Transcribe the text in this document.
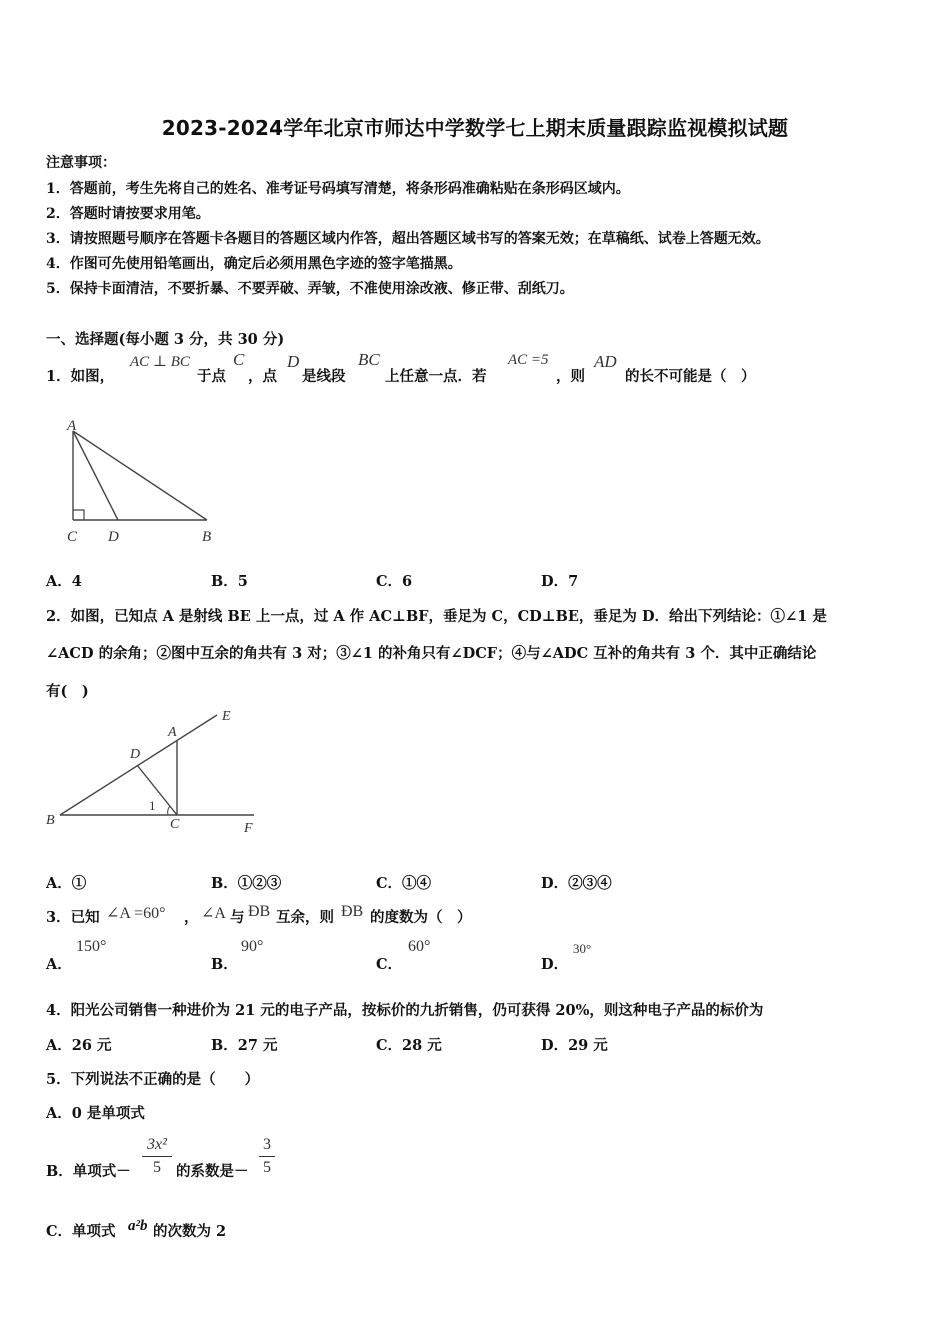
2023-2024学年北京市师达中学数学七上期末质量跟踪监视模拟试题
注意事项：
1．答题前，考生先将自己的姓名、准考证号码填写清楚，将条形码准确粘贴在条形码区域内。
2．答题时请按要求用笔。
3．请按照题号顺序在答题卡各题目的答题区域内作答，超出答题区域书写的答案无效；在草稿纸、试卷上答题无效。
4．作图可先使用铅笔画出，确定后必须用黑色字迹的签字笔描黑。
5．保持卡面清洁，不要折暴、不要弄破、弄皱，不准使用涂改液、修正带、刮纸刀。
一、选择题(每小题 3 分，共 30 分)
1．如图，
AC ⊥ BC
于点
C
，点
D
是线段
BC
上任意一点．若
AC =5
，则
AD
的长不可能是（　）
A
C D	B
A．4	B．5	C．6	D．7
2．如图，已知点 A 是射线 BE 上一点，过 A 作 AC⊥BF，垂足为 C，CD⊥BE，垂足为 D．给出下列结论：①∠1 是
∠ACD 的余角；②图中互余的角共有 3 对；③∠1 的补角只有∠DCF；④与∠ADC 互补的角共有 3 个．其中正确结论
有(　)
A
E
D
B	C	F
1
A．①	B．①②③	C．①④	D．②③④
3．已知 ∠A =60° ， ∠A 与 ÐB 互余，则 ÐB 的度数为（　）
A．
150°
B．
90°
C．
60°
D．
30°
4．阳光公司销售一种进价为 21 元的电子产品，按标价的九折销售，仍可获得 20%，则这种电子产品的标价为
A．26 元	B．27 元	C．28 元	D．29 元
5．下列说法不正确的是（　　）
A．0 是单项式
B．单项式－
3x²
5	的系数是－
3
5
C．单项式 a²b 的次数为 2
